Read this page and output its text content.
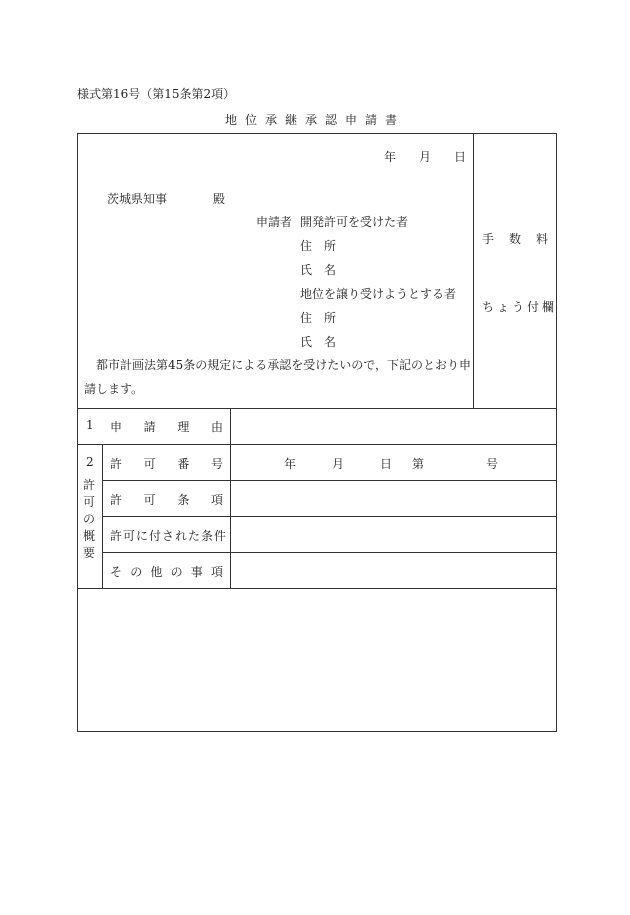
様式第16号（第15条第2項）
地位承継承認申請書
年 月 日
茨城県知事	殿
申請者 開発許可を受けた者
住　所
氏　名
地位を譲り受けようとする者
住　所
氏　名
　都市計画法第45条の規定による承認を受けたいので，下記のとおり申
請します。
手 数 料
ちょう付欄
1 申 請 理 由
2
許
可
の
概
要
許 可 番 号	年	月	日 第	号
許 可 条 項
許可に付された条件
そ の 他 の 事 項
